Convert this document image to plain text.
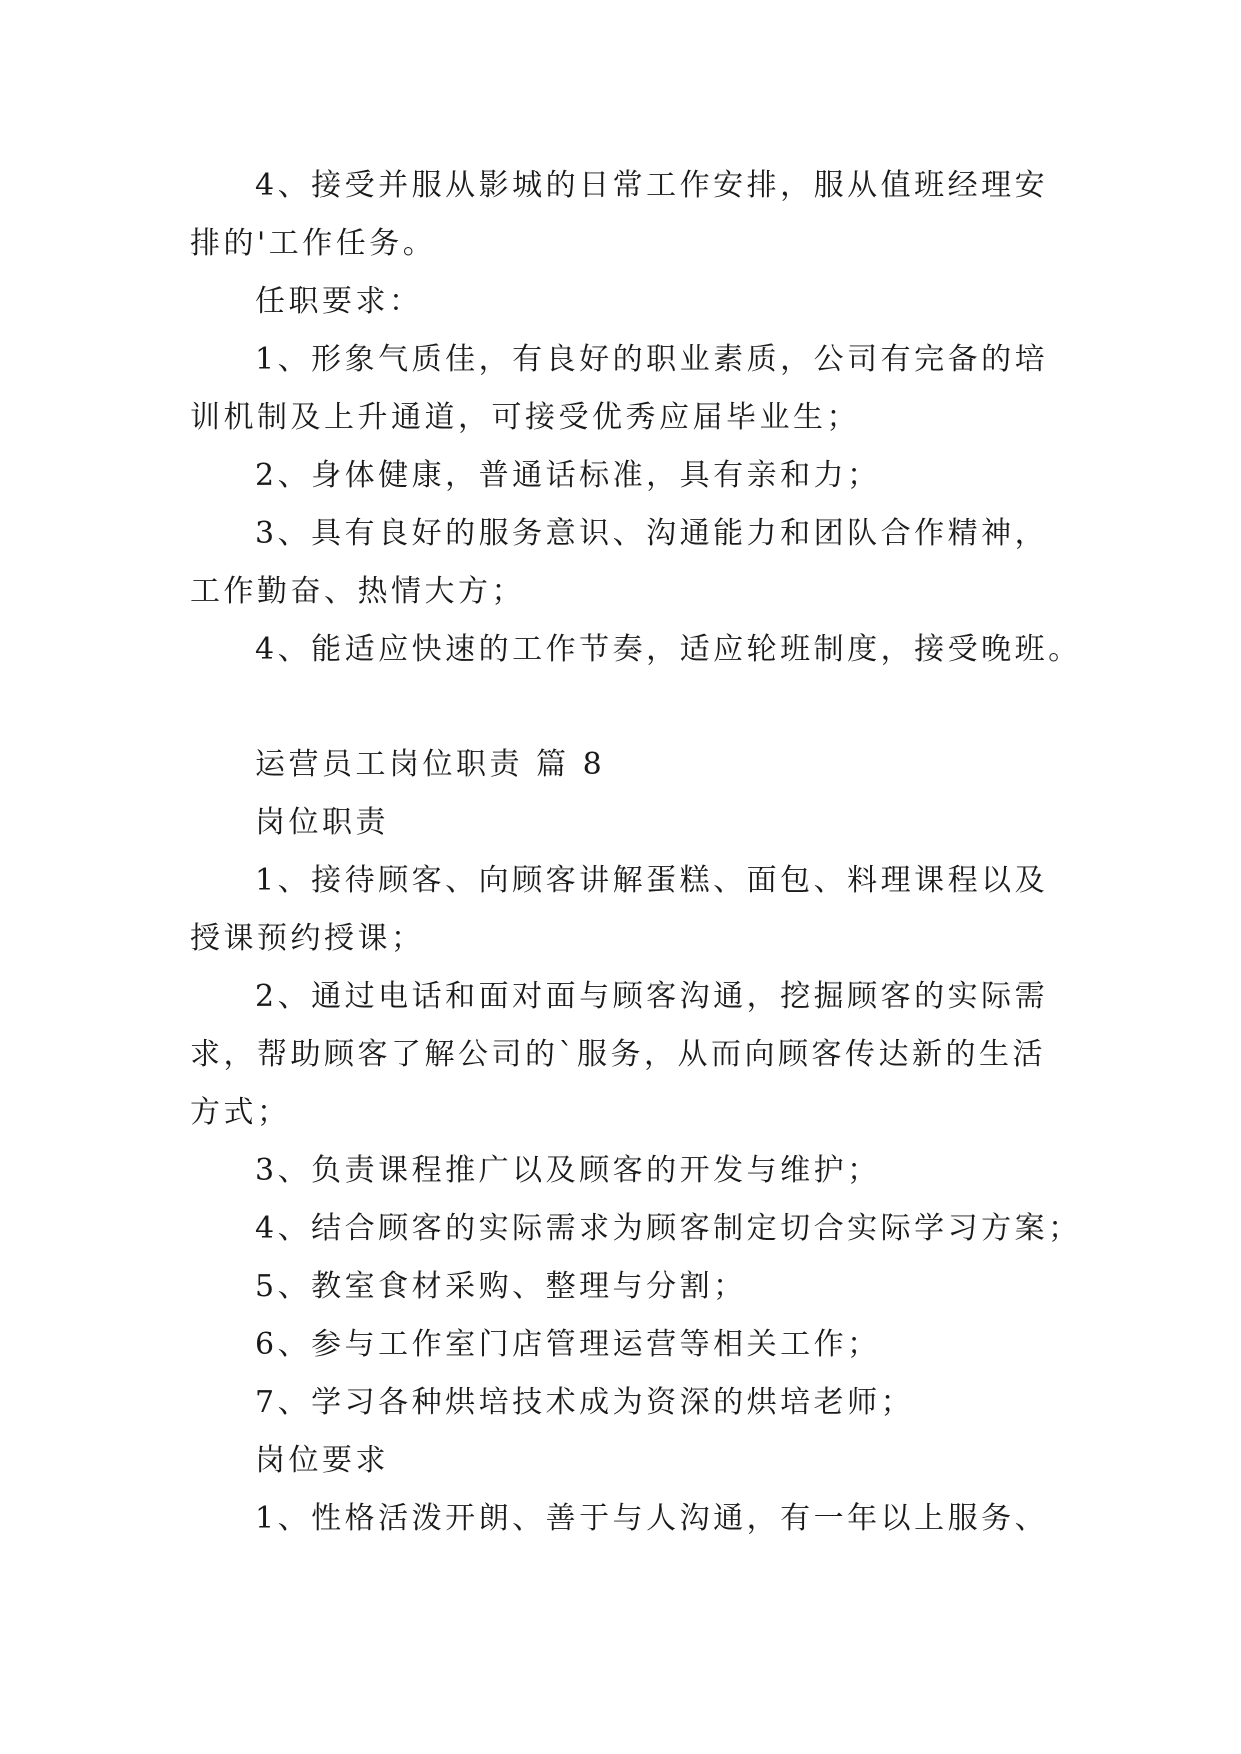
4、接受并服从影城的日常工作安排，服从值班经理安
排的'工作任务。
任职要求：
1、形象气质佳，有良好的职业素质，公司有完备的培
训机制及上升通道，可接受优秀应届毕业生；
2、身体健康，普通话标准，具有亲和力；
3、具有良好的服务意识、沟通能力和团队合作精神，
工作勤奋、热情大方；
4、能适应快速的工作节奏，适应轮班制度，接受晚班。
运营员工岗位职责 篇 8
岗位职责
1、接待顾客、向顾客讲解蛋糕、面包、料理课程以及
授课预约授课；
2、通过电话和面对面与顾客沟通，挖掘顾客的实际需
求，帮助顾客了解公司的`服务，从而向顾客传达新的生活
方式；
3、负责课程推广以及顾客的开发与维护；
4、结合顾客的实际需求为顾客制定切合实际学习方案；
5、教室食材采购、整理与分割；
6、参与工作室门店管理运营等相关工作；
7、学习各种烘培技术成为资深的烘培老师；
岗位要求
1、性格活泼开朗、善于与人沟通，有一年以上服务、
